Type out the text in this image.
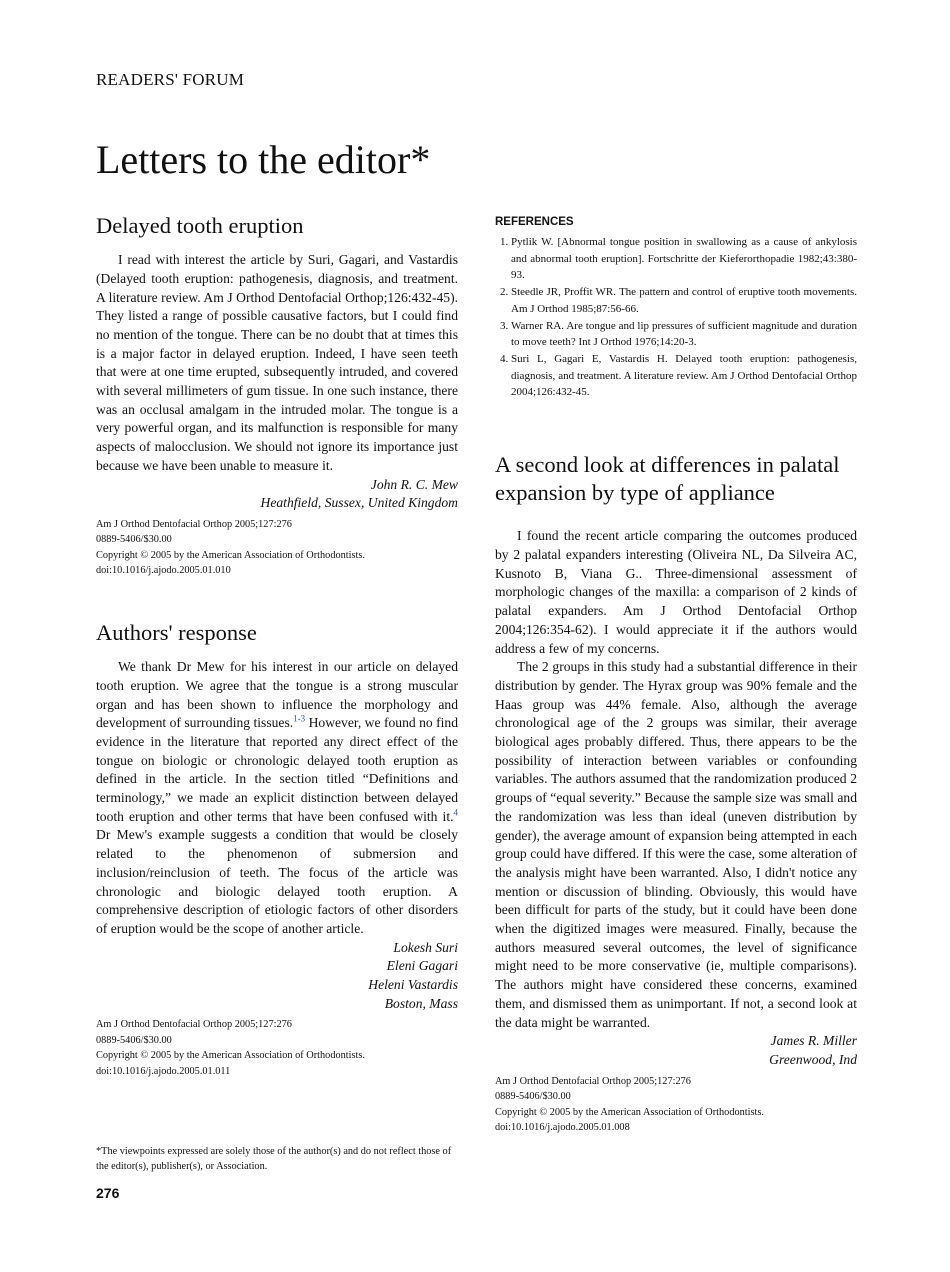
READERS' FORUM
Letters to the editor*
Delayed tooth eruption

I read with interest the article by Suri, Gagari, and Vastardis (Delayed tooth eruption: pathogenesis, diagnosis, and treatment. A literature review. Am J Orthod Dentofacial Orthop;126:432-45). They listed a range of possible causative factors, but I could find no mention of the tongue. There can be no doubt that at times this is a major factor in delayed eruption. Indeed, I have seen teeth that were at one time erupted, subsequently intruded, and covered with several millimeters of gum tissue. In one such instance, there was an occlusal amalgam in the intruded molar. The tongue is a very powerful organ, and its malfunction is responsible for many aspects of malocclusion. We should not ignore its importance just because we have been unable to measure it.

John R. C. Mew
Heathfield, Sussex, United Kingdom
Am J Orthod Dentofacial Orthop 2005;127:276
0889-5406/$30.00
Copyright © 2005 by the American Association of Orthodontists.
doi:10.1016/j.ajodo.2005.01.010
Authors' response

We thank Dr Mew for his interest in our article on delayed tooth eruption. We agree that the tongue is a strong muscular organ and has been shown to influence the morphology and development of surrounding tissues.$^{1-3}$ However, we found no find evidence in the literature that reported any direct effect of the tongue on biologic or chronologic delayed tooth eruption as defined in the article. In the section titled “Definitions and terminology,” we made an explicit distinction between delayed tooth eruption and other terms that have been confused with it.$^4$ Dr Mew's example suggests a condition that would be closely related to the phenomenon of submersion and inclusion/reinclusion of teeth. The focus of the article was chronologic and biologic delayed tooth eruption. A comprehensive description of etiologic factors of other disorders of eruption would be the scope of another article.

Lokesh Suri
Eleni Gagari
Heleni Vastardis
Boston, Mass
Am J Orthod Dentofacial Orthop 2005;127:276
0889-5406/$30.00
Copyright © 2005 by the American Association of Orthodontists.
doi:10.1016/j.ajodo.2005.01.011
REFERENCES
1. Pytlik W. [Abnormal tongue position in swallowing as a cause of ankylosis and abnormal tooth eruption]. Fortschritte der Kieferorthopadie 1982;43:380-93.
2. Steedle JR, Proffit WR. The pattern and control of eruptive tooth movements. Am J Orthod 1985;87:56-66.
3. Warner RA. Are tongue and lip pressures of sufficient magnitude and duration to move teeth? Int J Orthod 1976;14:20-3.
4. Suri L, Gagari E, Vastardis H. Delayed tooth eruption: pathogenesis, diagnosis, and treatment. A literature review. Am J Orthod Dentofacial Orthop 2004;126:432-45.
A second look at differences in palatal expansion by type of appliance

I found the recent article comparing the outcomes produced by 2 palatal expanders interesting (Oliveira NL, Da Silveira AC, Kusnoto B, Viana G.. Three-dimensional assessment of morphologic changes of the maxilla: a comparison of 2 kinds of palatal expanders. Am J Orthod Dentofacial Orthop 2004;126:354-62). I would appreciate it if the authors would address a few of my concerns.

The 2 groups in this study had a substantial difference in their distribution by gender. The Hyrax group was 90% female and the Haas group was 44% female. Also, although the average chronological age of the 2 groups was similar, their average biological ages probably differed. Thus, there appears to be the possibility of interaction between variables or confounding variables. The authors assumed that the randomization produced 2 groups of “equal severity.” Because the sample size was small and the randomization was less than ideal (uneven distribution by gender), the average amount of expansion being attempted in each group could have differed. If this were the case, some alteration of the analysis might have been warranted. Also, I didn't notice any mention or discussion of blinding. Obviously, this would have been difficult for parts of the study, but it could have been done when the digitized images were measured. Finally, because the authors measured several outcomes, the level of significance might need to be more conservative (ie, multiple comparisons). The authors might have considered these concerns, examined them, and dismissed them as unimportant. If not, a second look at the data might be warranted.

James R. Miller
Greenwood, Ind
Am J Orthod Dentofacial Orthop 2005;127:276
0889-5406/$30.00
Copyright © 2005 by the American Association of Orthodontists.
doi:10.1016/j.ajodo.2005.01.008
*The viewpoints expressed are solely those of the author(s) and do not reflect those of the editor(s), publisher(s), or Association.
276
